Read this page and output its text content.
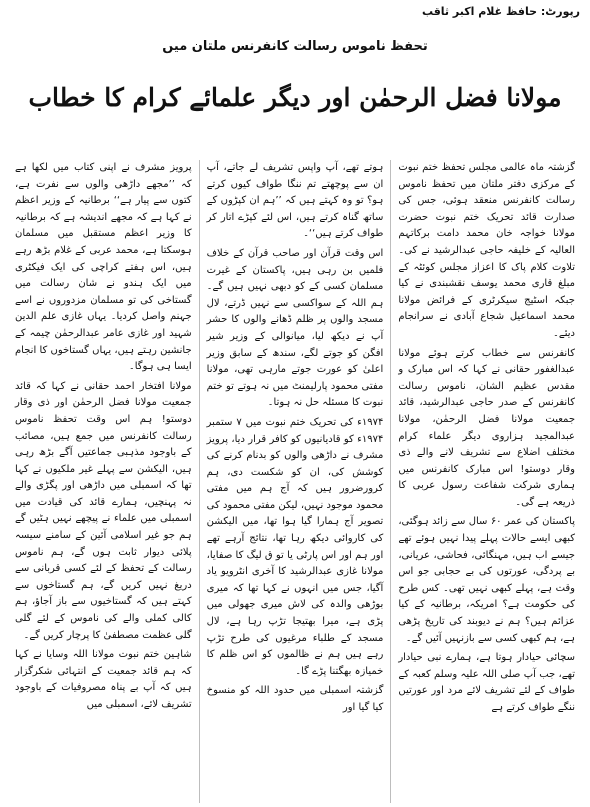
رپورٹ: حافظ غلام اکبر ثاقب
تحفظ ناموس رسالت کانفرنس ملتان میں
مولانا فضل الرحمٰن اور دیگر علمائے کرام کا خطاب

گزشتہ ماہ عالمی مجلس تحفظ ختم نبوت کے مرکزی دفتر ملتان میں تحفظ ناموس رسالت کانفرنس منعقد ہوئی، جس کی صدارت قائد تحریک ختم نبوت حضرت مولانا خواجہ خان محمد دامت برکاتہم العالیہ کے خلیفہ حاجی عبدالرشید نے کی۔ تلاوت کلام پاک کا اعزاز مجلس کوئٹہ کے مبلغ قاری محمد یوسف نقشبندی نے کیا جبکہ اسٹیج سیکرٹری کے فرائض مولانا محمد اسماعیل شجاع آبادی نے سرانجام دیئے۔

کانفرنس سے خطاب کرتے ہوئے مولانا عبدالغفور حقانی نے کہا کہ اس مبارک و مقدس عظیم الشان، ناموس رسالت کانفرنس کے صدر حاجی عبدالرشید، قائد جمعیت مولانا فضل الرحمٰن، مولانا عبدالمجید ہزاروی دیگر علماء کرام مختلف اضلاع سے تشریف لانے والے ذی وقار دوستو! اس مبارک کانفرنس میں ہماری شرکت شفاعت رسول عربی کا ذریعہ ہے گی۔

پاکستان کی عمر ۶۰ سال سے زائد ہوگئی، کبھی ایسے حالات پہلے پیدا نہیں ہوئے تھے جیسے اب ہیں، مہنگائی، فحاشی، عریانی، بے پردگی، عورتوں کی بے حجابی جو اس وقت ہے، پہلے کبھی نہیں تھی۔ کس طرح کی حکومت ہے؟ امریکہ، برطانیہ کے کیا عزائم ہیں؟ ہم نے دیوبند کی تاریخ پڑھی ہے، ہم کبھی کسی سے بازنہیں آئیں گے۔

سچائی حیادار ہوتا ہے، ہمارے نبی حیادار تھے، جب آپ صلی اللہ علیہ وسلم کعبہ کے طواف کے لئے تشریف لائے مرد اور عورتیں ننگے طواف کرتے ہے

ہوتے تھے، آپ واپس تشریف لے جاتے، آپ ان سے پوچھتے تم ننگا طواف کیوں کرتے ہو؟ تو وہ کہتے ہیں کہ ’’ہم ان کپڑوں کے ساتھ گناہ کرتے ہیں، اس لئے کپڑے اتار کر طواف کرتے ہیں‘‘۔

اس وقت قرآن اور صاحب قرآن کے خلاف فلمیں بن رہی ہیں، پاکستان کے غیرت مسلمان کسی کے کو دبھی نہیں ہیں گے۔ ہم اللہ کے سواکسی سے نہیں ڈرتے، لال مسجد والوں پر ظلم ڈھانے والوں کا حشر آپ نے دیکھ لیا، میانوالی کے وزیر شیر افگن کو جوتے لگے، سندھ کے سابق وزیر اعلیٰ کو عورت جوتے مارہی تھی، مولانا مفتی محمود پارلیمنٹ میں نہ ہوتے تو ختم نبوت کا مسئلہ حل نہ ہوتا۔

۱۹۷۴ء کی تحریک ختم نبوت میں ۷ ستمبر ۱۹۷۴ء کو قادیانیوں کو کافر قرار دیا، پرویز مشرف نے داڑھی والوں کو بدنام کرنے کی کوشش کی، ان کو شکست دی، ہم کرورضرور ہیں کہ آج ہم میں مفتی محمود موجود نہیں، لیکن مفتی محمود کی تصویر آج ہمارا گیا ہوا تھا، میں الیکشن کی کاروائی دیکھ رہا تھا، نتائج آرہے تھے اور ہم اور اس پارٹی یا تو ق لیگ کا صفایا، مولانا غازی عبدالرشید کا آخری انٹرویو یاد آگیا، جس میں انہوں نے کہا تھا کہ میری بوڑھی والدہ کی لاش میری جھولی میں پڑی ہے، میرا بھتیجا تڑپ رہا ہے، لال مسجد کے طلباء مرغیوں کی طرح تڑپ رہے ہیں ہم نے ظالموں کو اس ظلم کا خمیازہ بھگتنا پڑے گا۔

گزشتہ اسمبلی میں حدود اللہ کو منسوخ کیا گیا اور

پرویز مشرف نے اپنی کتاب میں لکھا ہے کہ ’’مجھے داڑھی والوں سے نفرت ہے، کتوں سے پیار ہے‘‘ برطانیہ کے وزیر اعظم نے کہا ہے کہ مجھے اندیشہ ہے کہ برطانیہ کا وزیر اعظم مستقبل میں مسلمان ہوسکتا ہے، محمد عربی کے غلام بڑھ رہے ہیں، اس ہفتے کراچی کی ایک فیکٹری میں ایک ہندو نے شان رسالت میں گستاخی کی تو مسلمان مزدوروں نے اسے جہنم واصل کردیا۔ یہاں غازی علم الدین شہید اور غازی عامر عبدالرحمٰن چیمہ کے جانشین رہتے ہیں، یہاں گستاخوں کا انجام ایسا ہی ہوگا۔

مولانا افتخار احمد حقانی نے کہا کہ قائد جمعیت مولانا فضل الرحمٰن اور ذی وقار دوستو! ہم اس وقت تحفظ ناموس رسالت کانفرنس میں جمع ہیں، مصائب کے باوجود مذہبی جماعتیں آگے بڑھ رہی ہیں، الیکشن سے پہلے غیر ملکیوں نے کہا تھا کہ اسمبلی میں داڑھی اور پگڑی والے نہ پہنچیں، ہمارے قائد کی قیادت میں اسمبلی میں علماء نے پیچھے نہیں ہٹیں گے ہم جو غیر اسلامی آئین کے سامنے سیسہ پلائی دیوار ثابت ہوں گے، ہم ناموس رسالت کے تحفظ کے لئے کسی قربانی سے دریغ نہیں کریں گے، ہم گستاخوں سے کہتے ہیں کہ گستاخیوں سے باز آجاؤ، ہم کالی کملی والے کی ناموس کے لئے گلی گلی عظمت مصطفیٰ کا پرچار کریں گے۔

شاہین ختم نبوت مولانا اللہ وسایا نے کہا کہ ہم قائد جمعیت کے انتہائی شکرگزار ہیں کہ آپ بے پناہ مصروفیات کے باوجود تشریف لائے، اسمبلی میں
